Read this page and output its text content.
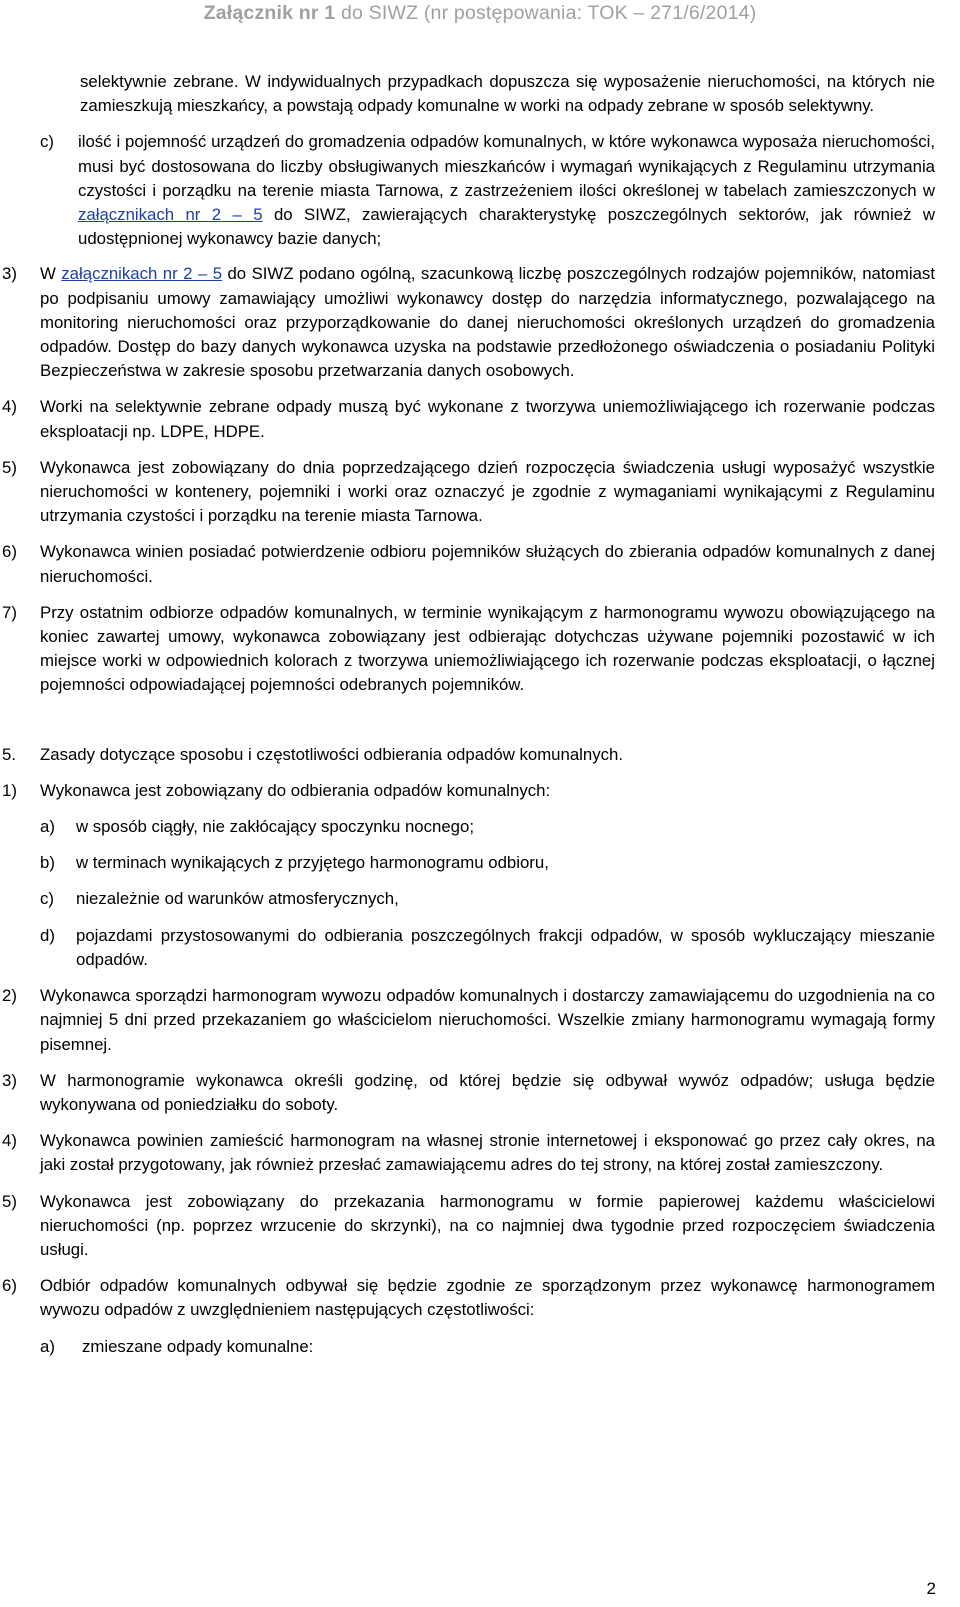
Załącznik nr 1 do SIWZ (nr postępowania: TOK – 271/6/2014)

selektywnie zebrane. W indywidualnych przypadkach dopuszcza się wyposażenie nieruchomości, na których nie zamieszkują mieszkańcy, a powstają odpady komunalne w worki na odpady zebrane w sposób selektywny.

c) ilość i pojemność urządzeń do gromadzenia odpadów komunalnych, w które wykonawca wyposaża nieruchomości, musi być dostosowana do liczby obsługiwanych mieszkańców i wymagań wynikających z Regulaminu utrzymania czystości i porządku na terenie miasta Tarnowa, z zastrzeżeniem ilości określonej w tabelach zamieszczonych w załącznikach nr 2 – 5 do SIWZ, zawierających charakterystykę poszczególnych sektorów, jak również w udostępnionej wykonawcy bazie danych;

3) W załącznikach nr 2 – 5 do SIWZ podano ogólną, szacunkową liczbę poszczególnych rodzajów pojemników, natomiast po podpisaniu umowy zamawiający umożliwi wykonawcy dostęp do narzędzia informatycznego, pozwalającego na monitoring nieruchomości oraz przyporządkowanie do danej nieruchomości określonych urządzeń do gromadzenia odpadów. Dostęp do bazy danych wykonawca uzyska na podstawie przedłożonego oświadczenia o posiadaniu Polityki Bezpieczeństwa w zakresie sposobu przetwarzania danych osobowych.

4) Worki na selektywnie zebrane odpady muszą być wykonane z tworzywa uniemożliwiającego ich rozerwanie podczas eksploatacji np. LDPE, HDPE.

5) Wykonawca jest zobowiązany do dnia poprzedzającego dzień rozpoczęcia świadczenia usługi wyposażyć wszystkie nieruchomości w kontenery, pojemniki i worki oraz oznaczyć je zgodnie z wymaganiami wynikającymi z Regulaminu utrzymania czystości i porządku na terenie miasta Tarnowa.

6) Wykonawca winien posiadać potwierdzenie odbioru pojemników służących do zbierania odpadów komunalnych z danej nieruchomości.

7) Przy ostatnim odbiorze odpadów komunalnych, w terminie wynikającym z harmonogramu wywozu obowiązującego na koniec zawartej umowy, wykonawca zobowiązany jest odbierając dotychczas używane pojemniki pozostawić w ich miejsce worki w odpowiednich kolorach z tworzywa uniemożliwiającego ich rozerwanie podczas eksploatacji, o łącznej pojemności odpowiadającej pojemności odebranych pojemników.

5. Zasady dotyczące sposobu i częstotliwości odbierania odpadów komunalnych.

1) Wykonawca jest zobowiązany do odbierania odpadów komunalnych:

a) w sposób ciągły, nie zakłócający spoczynku nocnego;

b) w terminach wynikających z przyjętego harmonogramu odbioru,

c) niezależnie od warunków atmosferycznych,

d) pojazdami przystosowanymi do odbierania poszczególnych frakcji odpadów, w sposób wykluczający mieszanie odpadów.

2) Wykonawca sporządzi harmonogram wywozu odpadów komunalnych i dostarczy zamawiającemu do uzgodnienia na co najmniej 5 dni przed przekazaniem go właścicielom nieruchomości. Wszelkie zmiany harmonogramu wymagają formy pisemnej.

3) W harmonogramie wykonawca określi godzinę, od której będzie się odbywał wywóz odpadów; usługa będzie wykonywana od poniedziałku do soboty.

4) Wykonawca powinien zamieścić harmonogram na własnej stronie internetowej i eksponować go przez cały okres, na jaki został przygotowany, jak również przesłać zamawiającemu adres do tej strony, na której został zamieszczony.

5) Wykonawca jest zobowiązany do przekazania harmonogramu w formie papierowej każdemu właścicielowi nieruchomości (np. poprzez wrzucenie do skrzynki), na co najmniej dwa tygodnie przed rozpoczęciem świadczenia usługi.

6) Odbiór odpadów komunalnych odbywał się będzie zgodnie ze sporządzonym przez wykonawcę harmonogramem wywozu odpadów z uwzględnieniem następujących częstotliwości:

a) zmieszane odpady komunalne:

2
